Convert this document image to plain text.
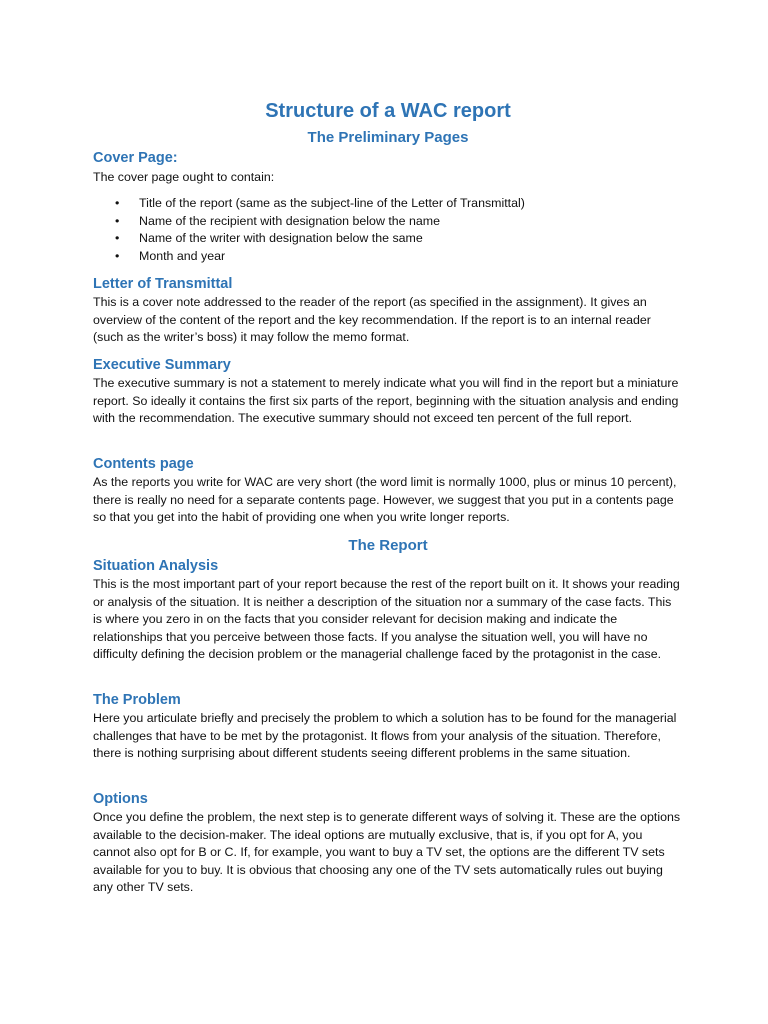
Structure of a WAC report
The Preliminary Pages
Cover Page:

The cover page ought to contain:

• Title of the report (same as the subject-line of the Letter of Transmittal)
• Name of the recipient with designation below the name
• Name of the writer with designation below the same
• Month and year
Letter of Transmittal

This is a cover note addressed to the reader of the report (as specified in the assignment). It gives an overview of the content of the report and the key recommendation. If the report is to an internal reader (such as the writer’s boss) it may follow the memo format.

Executive Summary

The executive summary is not a statement to merely indicate what you will find in the report but a miniature report. So ideally it contains the first six parts of the report, beginning with the situation analysis and ending with the recommendation. The executive summary should not exceed ten percent of the full report.

Contents page

As the reports you write for WAC are very short (the word limit is normally 1000, plus or minus 10 percent), there is really no need for a separate contents page. However, we suggest that you put in a contents page so that you get into the habit of providing one when you write longer reports.

The Report
Situation Analysis

This is the most important part of your report because the rest of the report built on it. It shows your reading or analysis of the situation. It is neither a description of the situation nor a summary of the case facts. This is where you zero in on the facts that you consider relevant for decision making and indicate the relationships that you perceive between those facts. If you analyse the situation well, you will have no difficulty defining the decision problem or the managerial challenge faced by the protagonist in the case.

The Problem

Here you articulate briefly and precisely the problem to which a solution has to be found for the managerial challenges that have to be met by the protagonist. It flows from your analysis of the situation. Therefore, there is nothing surprising about different students seeing different problems in the same situation.

Options

Once you define the problem, the next step is to generate different ways of solving it. These are the options available to the decision-maker. The ideal options are mutually exclusive, that is, if you opt for A, you cannot also opt for B or C. If, for example, you want to buy a TV set, the options are the different TV sets available for you to buy. It is obvious that choosing any one of the TV sets automatically rules out buying any other TV sets.
